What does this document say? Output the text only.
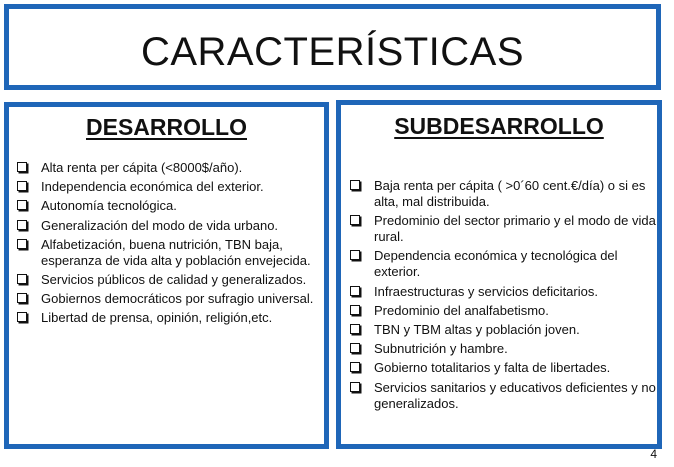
CARACTERÍSTICAS
DESARROLLO
Alta renta per cápita (<8000$/año).
Independencia económica del exterior.
Autonomía tecnológica.
Generalización del modo de vida urbano.
Alfabetización, buena nutrición, TBN baja, esperanza de vida alta y población envejecida.
Servicios públicos de calidad y generalizados.
Gobiernos democráticos por sufragio universal.
Libertad de prensa, opinión, religión,etc.
SUBDESARROLLO
Baja renta per cápita ( >0´60 cent.€/día) o si es alta, mal distribuida.
Predominio del sector primario y el modo de vida rural.
Dependencia económica y tecnológica del exterior.
Infraestructuras y servicios deficitarios.
Predominio del analfabetismo.
TBN y TBM altas y población joven.
Subnutrición y hambre.
Gobierno totalitarios y falta de libertades.
Servicios sanitarios y educativos deficientes y no generalizados.
4
